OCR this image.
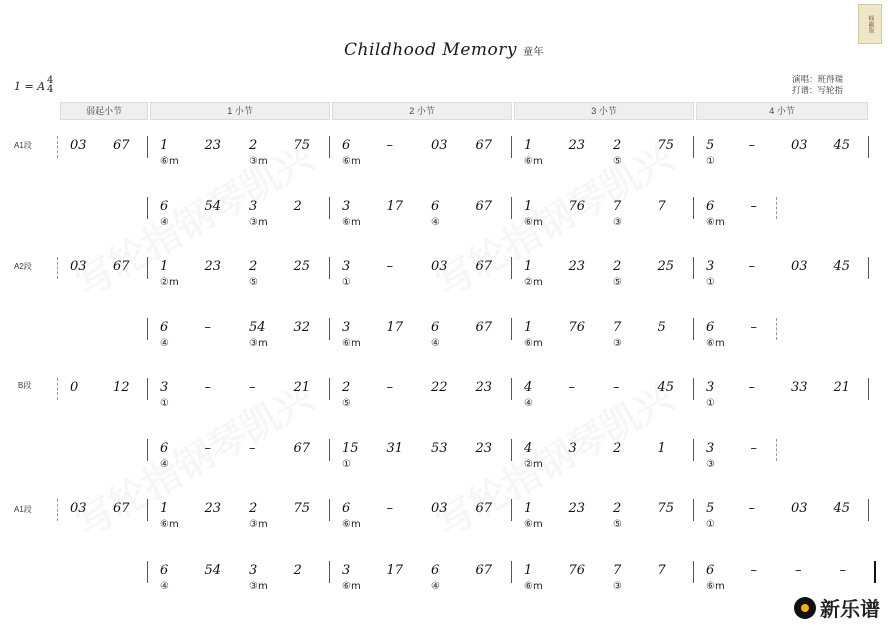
峰巅版
Childhood Memory 童年
1 = A 4
4
演唱：班得瑞
打谱：写轮指
弱起小节	1 小节	2 小节	3 小节	4 小节
A1段
A2段
B段
A1段
03 67 1
⑥m
23 2
③m
75 6
⑥m
–	03 67 1
⑥m
23 2
⑤
75 5
①
–	03 45
6
④
54 3
③m
2	3
⑥m
17 6
④
67 1
⑥m
76 7
③
7	6
⑥m
–
03 67 1
②m
23 2
⑤
25 3
①
–	03 67 1
②m
23 2
⑤
25 3
①
–	03 45
6
④
–	54
③m
32 3
⑥m
17 6
④
67 1
⑥m
76 7
③
5	6
⑥m
–
0	12 3
①
–	–	21 2
⑤
–	22 23 4
④
–	–	45 3
①
–	33 21
6
④
–	–	67 15
①
31 53 23 4
②m
3	2	1	3
③
–
03 67 1
⑥m
23 2
③m
75 6
⑥m
–	03 67 1
⑥m
23 2
⑤
75 5
①
–	03 45
6
④
54 3
③m
2	3
⑥m
17 6
④
67 1
⑥m
76 7
③
7	6
⑥m
–	–	–
新乐谱
